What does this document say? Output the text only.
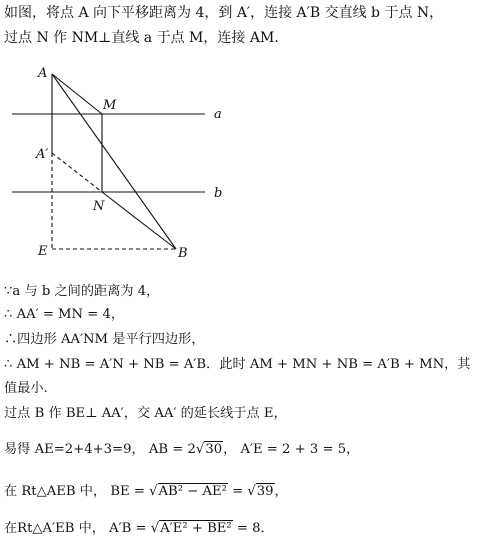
如图，将点 A 向下平移距离为 4，到 A′，连接 A′B 交直线 b 于点 N，
过点 N 作 NM⊥直线 a 于点 M，连接 AM.
A
M
a
A′
N
b
E	B
∵a 与 b 之间的距离为 4，
∴ AA′ = MN = 4，
∴四边形 AA′NM 是平行四边形，
∴ AM + NB = A′N + NB = A′B．此时 AM + MN + NB = A′B + MN，其
值最小.
过点 B 作 BE⊥ AA′，交 AA′ 的延长线于点 E，
易得 AE=2+4+3=9， AB = 2√30， A′E = 2 + 3 = 5，
在 Rt△AEB 中， BE = √AB² − AE² = √39，
在Rt△A′EB 中， A′B = √A′E² + BE² = 8．
